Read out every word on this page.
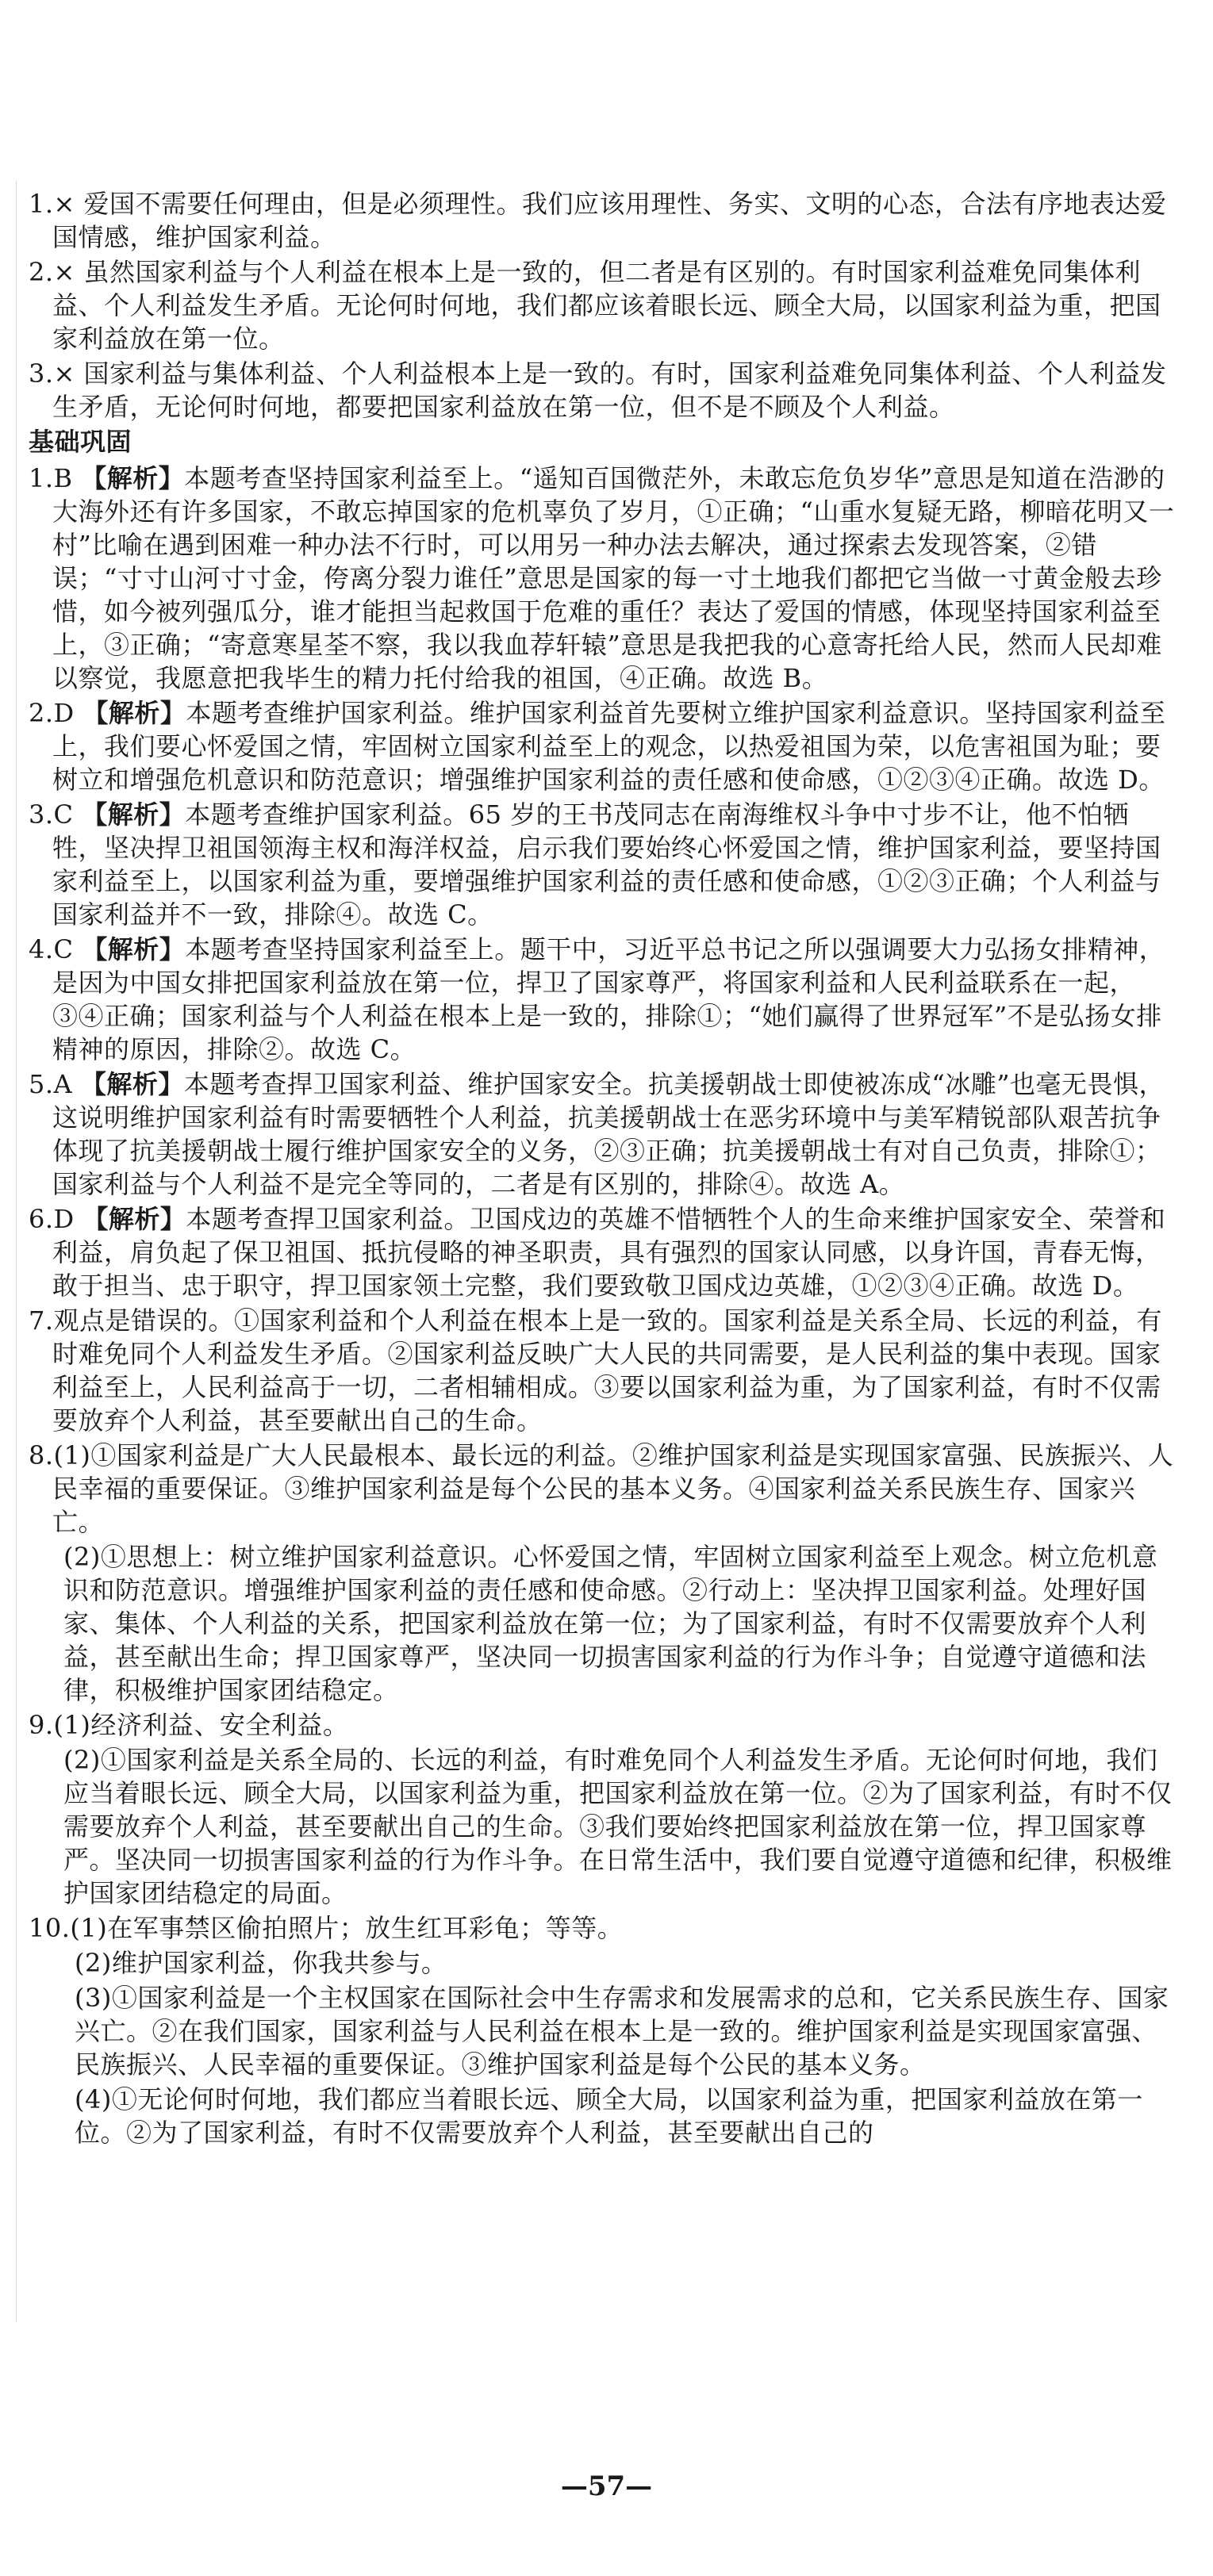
1.× 爱国不需要任何理由，但是必须理性。我们应该用理性、务实、文明的心态，合法有序地表达爱国情感，维护国家利益。
2.× 虽然国家利益与个人利益在根本上是一致的，但二者是有区别的。有时国家利益难免同集体利益、个人利益发生矛盾。无论何时何地，我们都应该着眼长远、顾全大局，以国家利益为重，把国家利益放在第一位。
3.× 国家利益与集体利益、个人利益根本上是一致的。有时，国家利益难免同集体利益、个人利益发生矛盾，无论何时何地，都要把国家利益放在第一位，但不是不顾及个人利益。
基础巩固
1.B 【解析】本题考查坚持国家利益至上。“遥知百国微茫外，未敢忘危负岁华”意思是知道在浩渺的大海外还有许多国家，不敢忘掉国家的危机辜负了岁月，①正确；“山重水复疑无路，柳暗花明又一村”比喻在遇到困难一种办法不行时，可以用另一种办法去解决，通过探索去发现答案，②错误；“寸寸山河寸寸金，侉离分裂力谁任”意思是国家的每一寸土地我们都把它当做一寸黄金般去珍惜，如今被列强瓜分，谁才能担当起救国于危难的重任？表达了爱国的情感，体现坚持国家利益至上，③正确；“寄意寒星荃不察，我以我血荐轩辕”意思是我把我的心意寄托给人民，然而人民却难以察觉，我愿意把我毕生的精力托付给我的祖国，④正确。故选 B。
2.D 【解析】本题考查维护国家利益。维护国家利益首先要树立维护国家利益意识。坚持国家利益至上，我们要心怀爱国之情，牢固树立国家利益至上的观念，以热爱祖国为荣，以危害祖国为耻；要树立和增强危机意识和防范意识；增强维护国家利益的责任感和使命感，①②③④正确。故选 D。
3.C 【解析】本题考查维护国家利益。65 岁的王书茂同志在南海维权斗争中寸步不让，他不怕牺牲，坚决捍卫祖国领海主权和海洋权益，启示我们要始终心怀爱国之情，维护国家利益，要坚持国家利益至上，以国家利益为重，要增强维护国家利益的责任感和使命感，①②③正确；个人利益与国家利益并不一致，排除④。故选 C。
4.C 【解析】本题考查坚持国家利益至上。题干中，习近平总书记之所以强调要大力弘扬女排精神，是因为中国女排把国家利益放在第一位，捍卫了国家尊严，将国家利益和人民利益联系在一起，③④正确；国家利益与个人利益在根本上是一致的，排除①；“她们赢得了世界冠军”不是弘扬女排精神的原因，排除②。故选 C。
5.A 【解析】本题考查捍卫国家利益、维护国家安全。抗美援朝战士即使被冻成“冰雕”也毫无畏惧，这说明维护国家利益有时需要牺牲个人利益，抗美援朝战士在恶劣环境中与美军精锐部队艰苦抗争体现了抗美援朝战士履行维护国家安全的义务，②③正确；抗美援朝战士有对自己负责，排除①；国家利益与个人利益不是完全等同的，二者是有区别的，排除④。故选 A。
6.D 【解析】本题考查捍卫国家利益。卫国戍边的英雄不惜牺牲个人的生命来维护国家安全、荣誉和利益，肩负起了保卫祖国、抵抗侵略的神圣职责，具有强烈的国家认同感，以身许国，青春无悔，敢于担当、忠于职守，捍卫国家领土完整，我们要致敬卫国戍边英雄，①②③④正确。故选 D。
7.观点是错误的。①国家利益和个人利益在根本上是一致的。国家利益是关系全局、长远的利益，有时难免同个人利益发生矛盾。②国家利益反映广大人民的共同需要，是人民利益的集中表现。国家利益至上，人民利益高于一切，二者相辅相成。③要以国家利益为重，为了国家利益，有时不仅需要放弃个人利益，甚至要献出自己的生命。
8.(1)①国家利益是广大人民最根本、最长远的利益。②维护国家利益是实现国家富强、民族振兴、人民幸福的重要保证。③维护国家利益是每个公民的基本义务。④国家利益关系民族生存、国家兴亡。
(2)①思想上：树立维护国家利益意识。心怀爱国之情，牢固树立国家利益至上观念。树立危机意识和防范意识。增强维护国家利益的责任感和使命感。②行动上：坚决捍卫国家利益。处理好国家、集体、个人利益的关系，把国家利益放在第一位；为了国家利益，有时不仅需要放弃个人利益，甚至献出生命；捍卫国家尊严，坚决同一切损害国家利益的行为作斗争；自觉遵守道德和法律，积极维护国家团结稳定。
9.(1)经济利益、安全利益。
(2)①国家利益是关系全局的、长远的利益，有时难免同个人利益发生矛盾。无论何时何地，我们应当着眼长远、顾全大局，以国家利益为重，把国家利益放在第一位。②为了国家利益，有时不仅需要放弃个人利益，甚至要献出自己的生命。③我们要始终把国家利益放在第一位，捍卫国家尊严。坚决同一切损害国家利益的行为作斗争。在日常生活中，我们要自觉遵守道德和纪律，积极维护国家团结稳定的局面。
10.(1)在军事禁区偷拍照片；放生红耳彩龟；等等。
(2)维护国家利益，你我共参与。
(3)①国家利益是一个主权国家在国际社会中生存需求和发展需求的总和，它关系民族生存、国家兴亡。②在我们国家，国家利益与人民利益在根本上是一致的。维护国家利益是实现国家富强、民族振兴、人民幸福的重要保证。③维护国家利益是每个公民的基本义务。
(4)①无论何时何地，我们都应当着眼长远、顾全大局，以国家利益为重，把国家利益放在第一位。②为了国家利益，有时不仅需要放弃个人利益，甚至要献出自己的
—57—
